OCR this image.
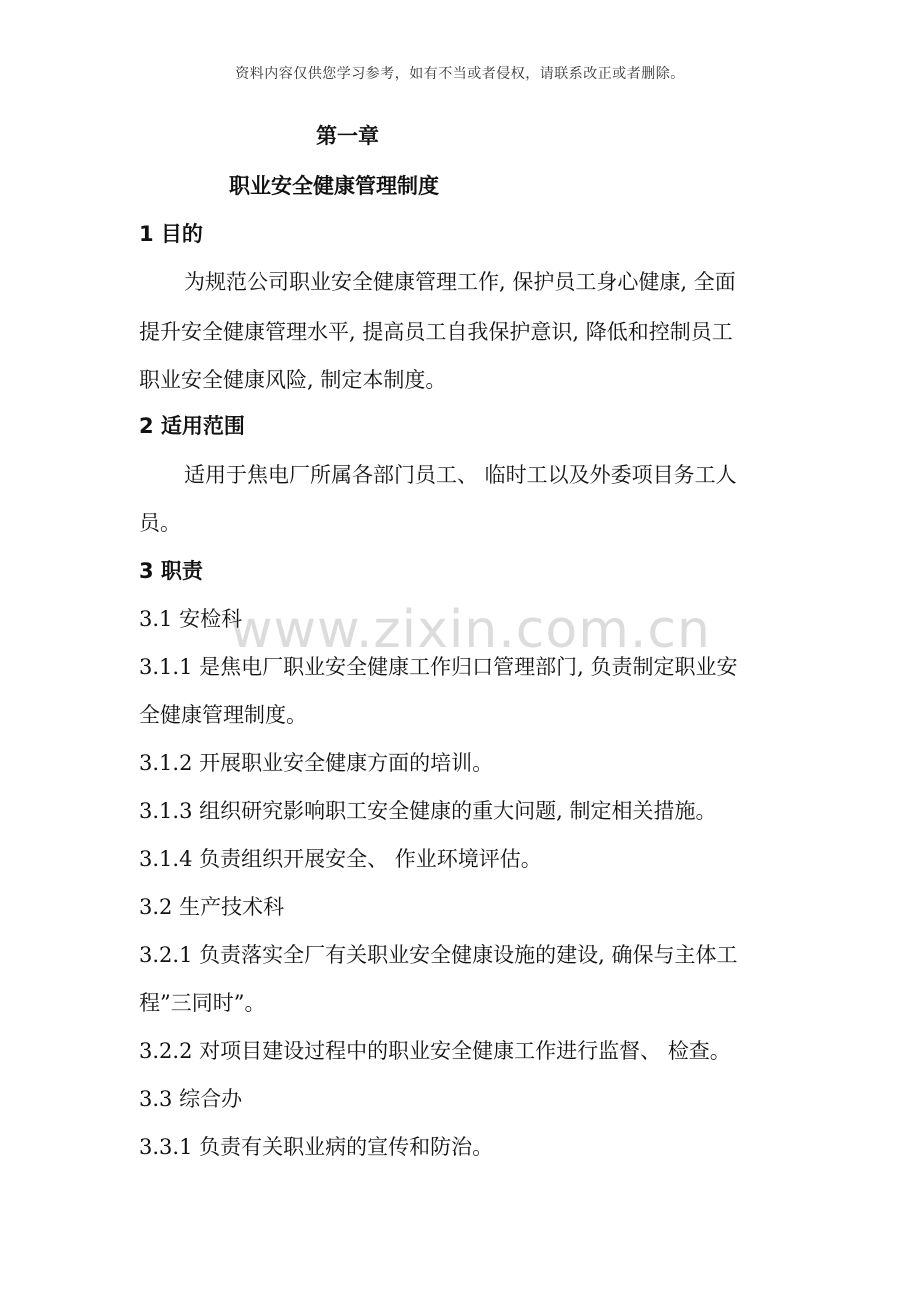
资料内容仅供您学习参考，如有不当或者侵权，请联系改正或者删除。
www.zixin.com.cn
第一章
职业安全健康管理制度
1 目的
为规范公司职业安全健康管理工作, 保护员工身心健康, 全面
提升安全健康管理水平, 提高员工自我保护意识, 降低和控制员工
职业安全健康风险, 制定本制度。
2 适用范围
适用于焦电厂所属各部门员工、 临时工以及外委项目务工人
员。
3 职责
3.1 安检科
3.1.1 是焦电厂职业安全健康工作归口管理部门, 负责制定职业安
全健康管理制度。
3.1.2 开展职业安全健康方面的培训。
3.1.3 组织研究影响职工安全健康的重大问题, 制定相关措施。
3.1.4 负责组织开展安全、 作业环境评估。
3.2 生产技术科
3.2.1 负责落实全厂有关职业安全健康设施的建设, 确保与主体工
程”三同时”。
3.2.2 对项目建设过程中的职业安全健康工作进行监督、 检查。
3.3 综合办
3.3.1 负责有关职业病的宣传和防治。
